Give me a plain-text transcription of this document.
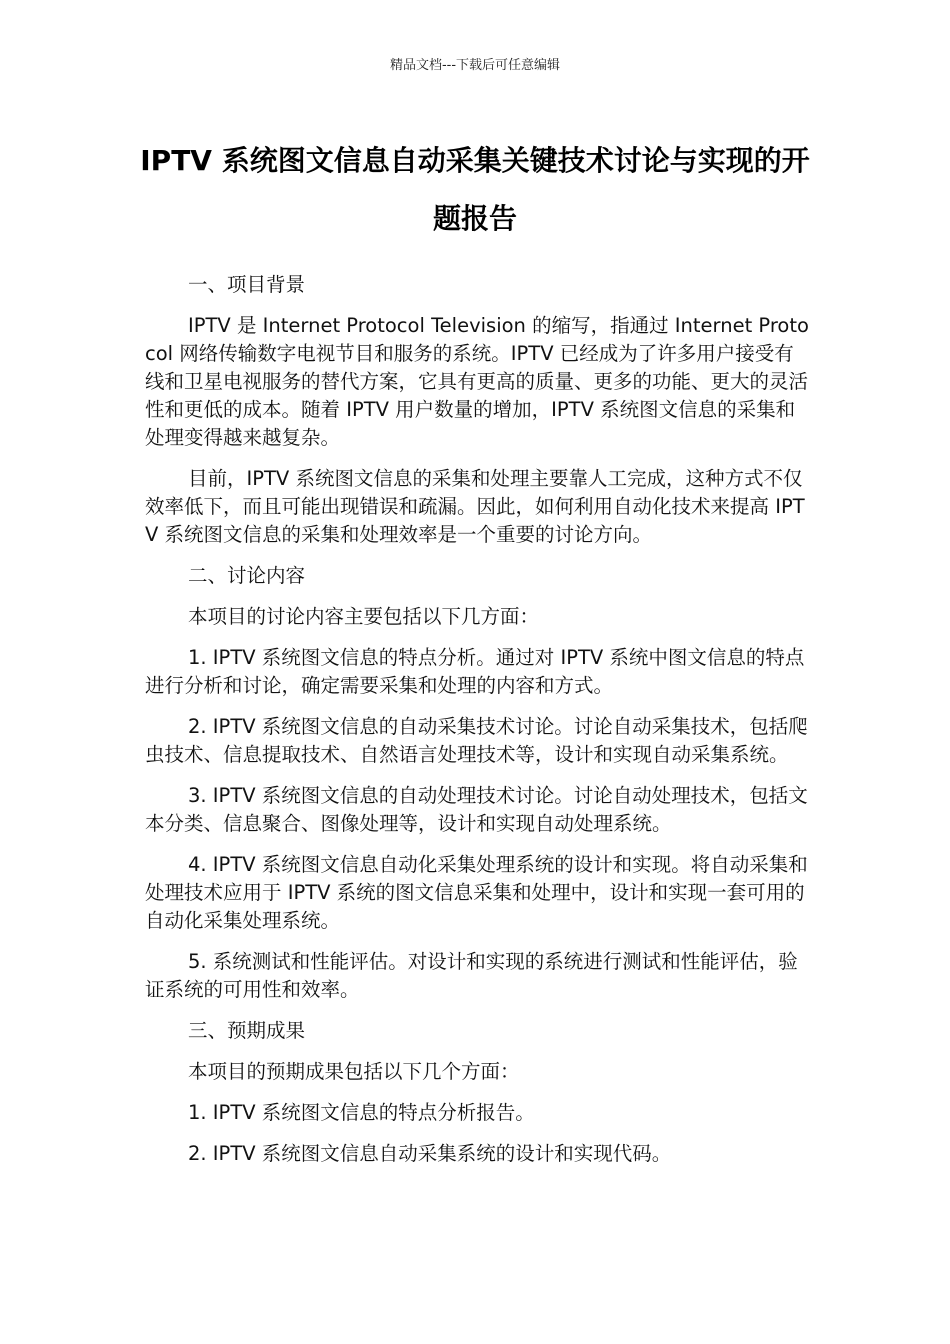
精品文档---下载后可任意编辑
IPTV 系统图文信息自动采集关键技术讨论与实现的开题报告

一、项目背景

IPTV 是 Internet Protocol Television 的缩写，指通过 Internet Protocol 网络传输数字电视节目和服务的系统。IPTV 已经成为了许多用户接受有线和卫星电视服务的替代方案，它具有更高的质量、更多的功能、更大的灵活性和更低的成本。随着 IPTV 用户数量的增加，IPTV 系统图文信息的采集和处理变得越来越复杂。

目前，IPTV 系统图文信息的采集和处理主要靠人工完成，这种方式不仅效率低下，而且可能出现错误和疏漏。因此，如何利用自动化技术来提高 IPTV 系统图文信息的采集和处理效率是一个重要的讨论方向。

二、讨论内容

本项目的讨论内容主要包括以下几方面：

1. IPTV 系统图文信息的特点分析。通过对 IPTV 系统中图文信息的特点进行分析和讨论，确定需要采集和处理的内容和方式。

2. IPTV 系统图文信息的自动采集技术讨论。讨论自动采集技术，包括爬虫技术、信息提取技术、自然语言处理技术等，设计和实现自动采集系统。

3. IPTV 系统图文信息的自动处理技术讨论。讨论自动处理技术，包括文本分类、信息聚合、图像处理等，设计和实现自动处理系统。

4. IPTV 系统图文信息自动化采集处理系统的设计和实现。将自动采集和处理技术应用于 IPTV 系统的图文信息采集和处理中，设计和实现一套可用的自动化采集处理系统。

5. 系统测试和性能评估。对设计和实现的系统进行测试和性能评估，验证系统的可用性和效率。

三、预期成果

本项目的预期成果包括以下几个方面：

1. IPTV 系统图文信息的特点分析报告。

2. IPTV 系统图文信息自动采集系统的设计和实现代码。
